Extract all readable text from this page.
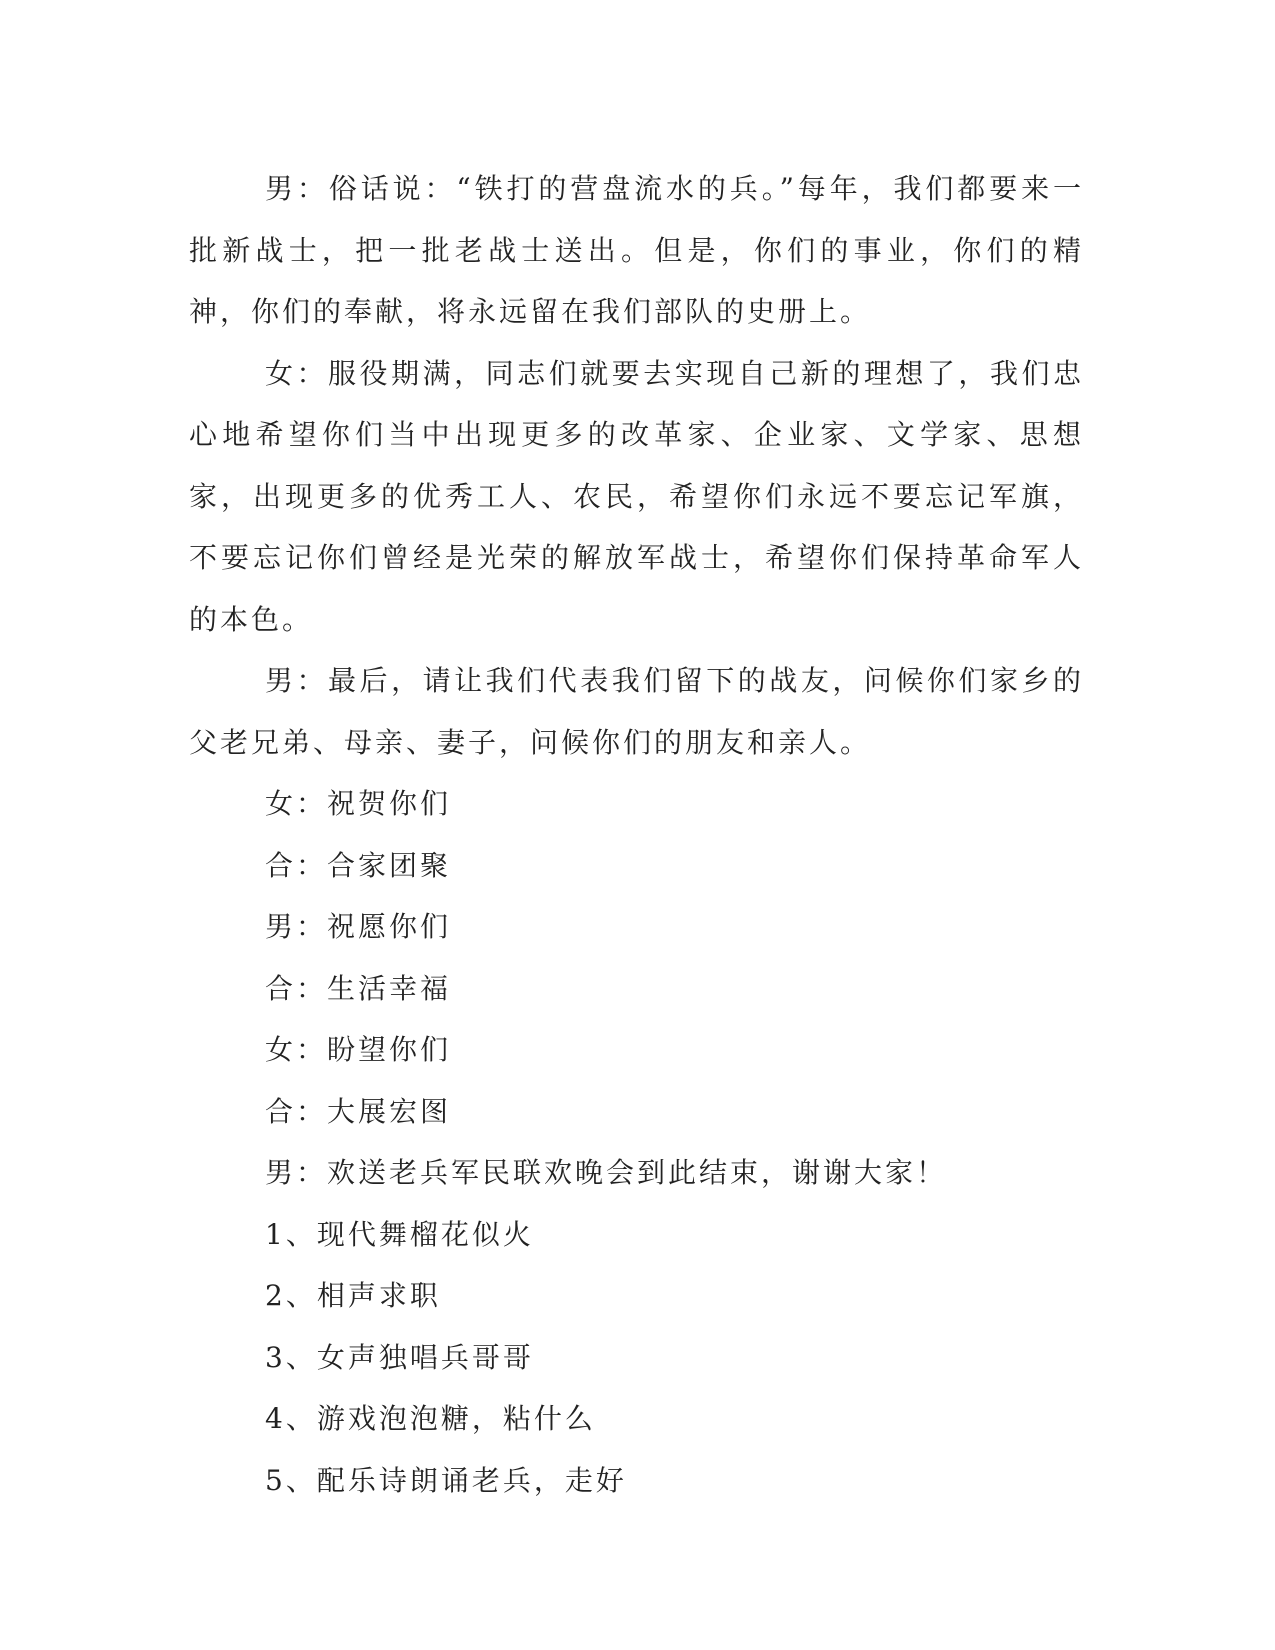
男：俗话说：“铁打的营盘流水的兵。”每年，我们都要来一批新战士，把一批老战士送出。但是，你们的事业，你们的精神，你们的奉献，将永远留在我们部队的史册上。

女：服役期满，同志们就要去实现自己新的理想了，我们忠心地希望你们当中出现更多的改革家、企业家、文学家、思想家，出现更多的优秀工人、农民，希望你们永远不要忘记军旗，不要忘记你们曾经是光荣的解放军战士，希望你们保持革命军人的本色。

男：最后，请让我们代表我们留下的战友，问候你们家乡的父老兄弟、母亲、妻子，问候你们的朋友和亲人。

女：祝贺你们

合：合家团聚

男：祝愿你们

合：生活幸福

女：盼望你们

合：大展宏图

男：欢送老兵军民联欢晚会到此结束，谢谢大家！

1、现代舞榴花似火

2、相声求职

3、女声独唱兵哥哥

4、游戏泡泡糖，粘什么

5、配乐诗朗诵老兵，走好
